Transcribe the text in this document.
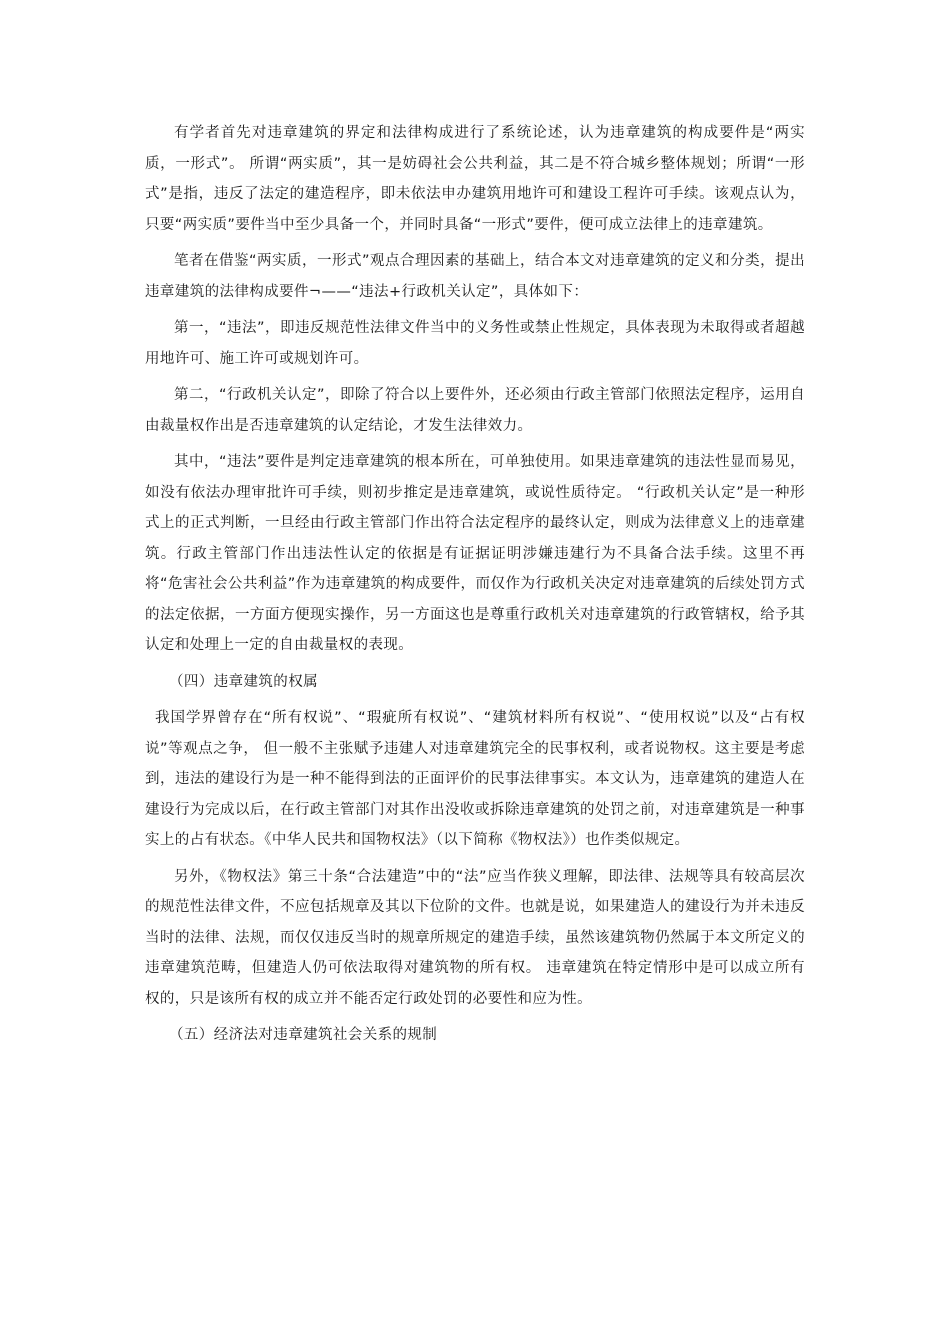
有学者首先对违章建筑的界定和法律构成进行了系统论述，认为违章建筑的构成要件是“两实质，一形式”。 所谓“两实质”，其一是妨碍社会公共利益，其二是不符合城乡整体规划；所谓“一形式”是指，违反了法定的建造程序，即未依法申办建筑用地许可和建设工程许可手续。该观点认为，只要“两实质”要件当中至少具备一个，并同时具备“一形式”要件，便可成立法律上的违章建筑。

笔者在借鉴“两实质，一形式”观点合理因素的基础上，结合本文对违章建筑的定义和分类，提出违章建筑的法律构成要件¬——“违法+行政机关认定”，具体如下：

第一，“违法”，即违反规范性法律文件当中的义务性或禁止性规定，具体表现为未取得或者超越用地许可、施工许可或规划许可。

第二，“行政机关认定”，即除了符合以上要件外，还必须由行政主管部门依照法定程序，运用自由裁量权作出是否违章建筑的认定结论，才发生法律效力。

其中，“违法”要件是判定违章建筑的根本所在，可单独使用。如果违章建筑的违法性显而易见，如没有依法办理审批许可手续，则初步推定是违章建筑，或说性质待定。 “行政机关认定”是一种形式上的正式判断，一旦经由行政主管部门作出符合法定程序的最终认定，则成为法律意义上的违章建筑。行政主管部门作出违法性认定的依据是有证据证明涉嫌违建行为不具备合法手续。这里不再将“危害社会公共利益”作为违章建筑的构成要件，而仅作为行政机关决定对违章建筑的后续处罚方式的法定依据，一方面方便现实操作，另一方面这也是尊重行政机关对违章建筑的行政管辖权，给予其认定和处理上一定的自由裁量权的表现。

（四）违章建筑的权属

我国学界曾存在“所有权说”、“瑕疵所有权说”、“建筑材料所有权说”、“使用权说”以及“占有权说”等观点之争， 但一般不主张赋予违建人对违章建筑完全的民事权利，或者说物权。这主要是考虑到，违法的建设行为是一种不能得到法的正面评价的民事法律事实。本文认为，违章建筑的建造人在建设行为完成以后，在行政主管部门对其作出没收或拆除违章建筑的处罚之前，对违章建筑是一种事实上的占有状态。《中华人民共和国物权法》（以下简称《物权法》）也作类似规定。

另外，《物权法》第三十条“合法建造”中的“法”应当作狭义理解，即法律、法规等具有较高层次的规范性法律文件，不应包括规章及其以下位阶的文件。也就是说，如果建造人的建设行为并未违反当时的法律、法规，而仅仅违反当时的规章所规定的建造手续，虽然该建筑物仍然属于本文所定义的违章建筑范畴，但建造人仍可依法取得对建筑物的所有权。 违章建筑在特定情形中是可以成立所有权的，只是该所有权的成立并不能否定行政处罚的必要性和应为性。

（五）经济法对违章建筑社会关系的规制
